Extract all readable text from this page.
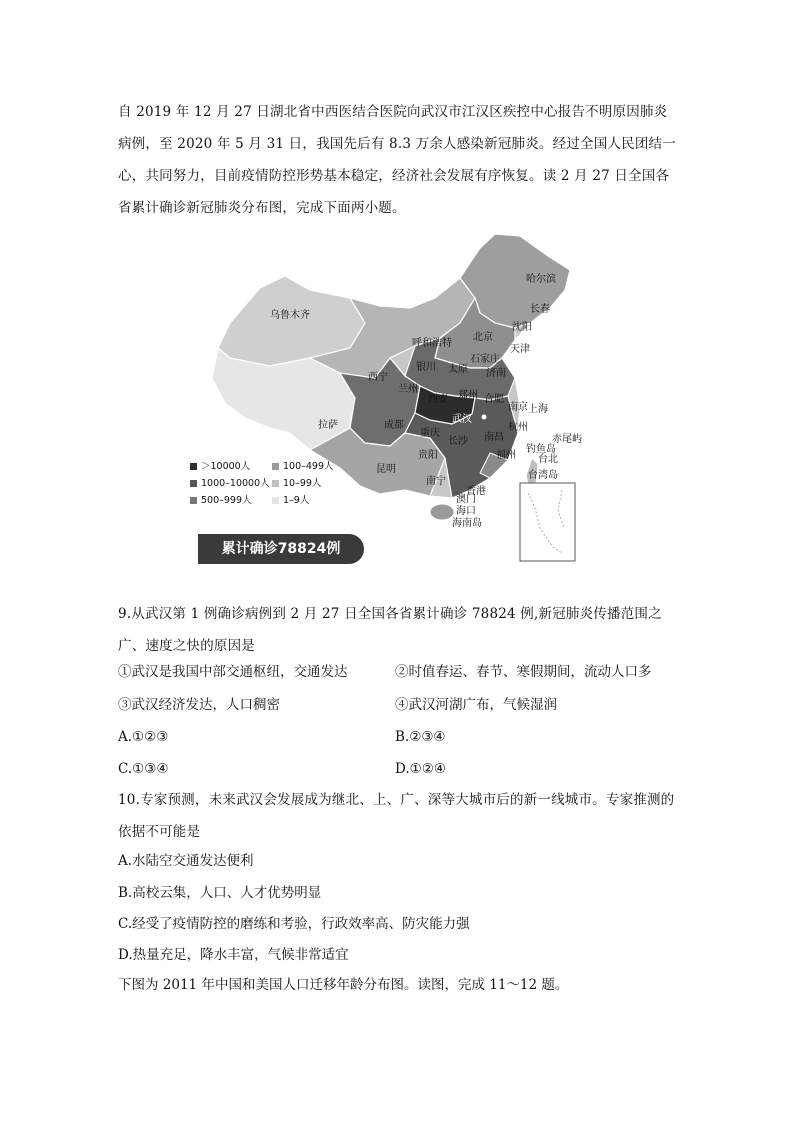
自 2019 年 12 月 27 日湖北省中西医结合医院向武汉市江汉区疾控中心报告不明原因肺炎病例，至 2020 年 5 月 31 日，我国先后有 8.3 万余人感染新冠肺炎。经过全国人民团结一心，共同努力，目前疫情防控形势基本稳定，经济社会发展有序恢复。读 2 月 27 日全国各省累计确诊新冠肺炎分布图，完成下面两小题。
哈尔滨
长春
沈阳
乌鲁木齐
呼和浩特
北京
天津
石家庄
银川 太原 济南
西宁
兰州
郑州
西安	合肥
南京 上海
武汉
拉萨	成都
重庆
长沙 南昌
杭州
赤尾屿
钓鱼岛
台北
台湾岛
贵阳	福州
昆明
南宁
香港
澳门
海口
海南岛
＞10000人
1000–10000人
500–999人
100–499人
10–99人
1–9人
累计确诊78824例
9.从武汉第 1 例确诊病例到 2 月 27 日全国各省累计确诊 78824 例,新冠肺炎传播范围之广、速度之快的原因是
①武汉是我国中部交通枢纽，交通发达	②时值春运、春节、寒假期间，流动人口多
③武汉经济发达，人口稠密	④武汉河湖广布，气候湿润
A.①②③	B.②③④
C.①③④	D.①②④
10.专家预测，未来武汉会发展成为继北、上、广、深等大城市后的新一线城市。专家推测的依据不可能是
A.水陆空交通发达便利
B.高校云集，人口、人才优势明显
C.经受了疫情防控的磨练和考验，行政效率高、防灾能力强
D.热量充足，降水丰富，气候非常适宜
下图为 2011 年中国和美国人口迁移年龄分布图。读图，完成 11～12 题。
